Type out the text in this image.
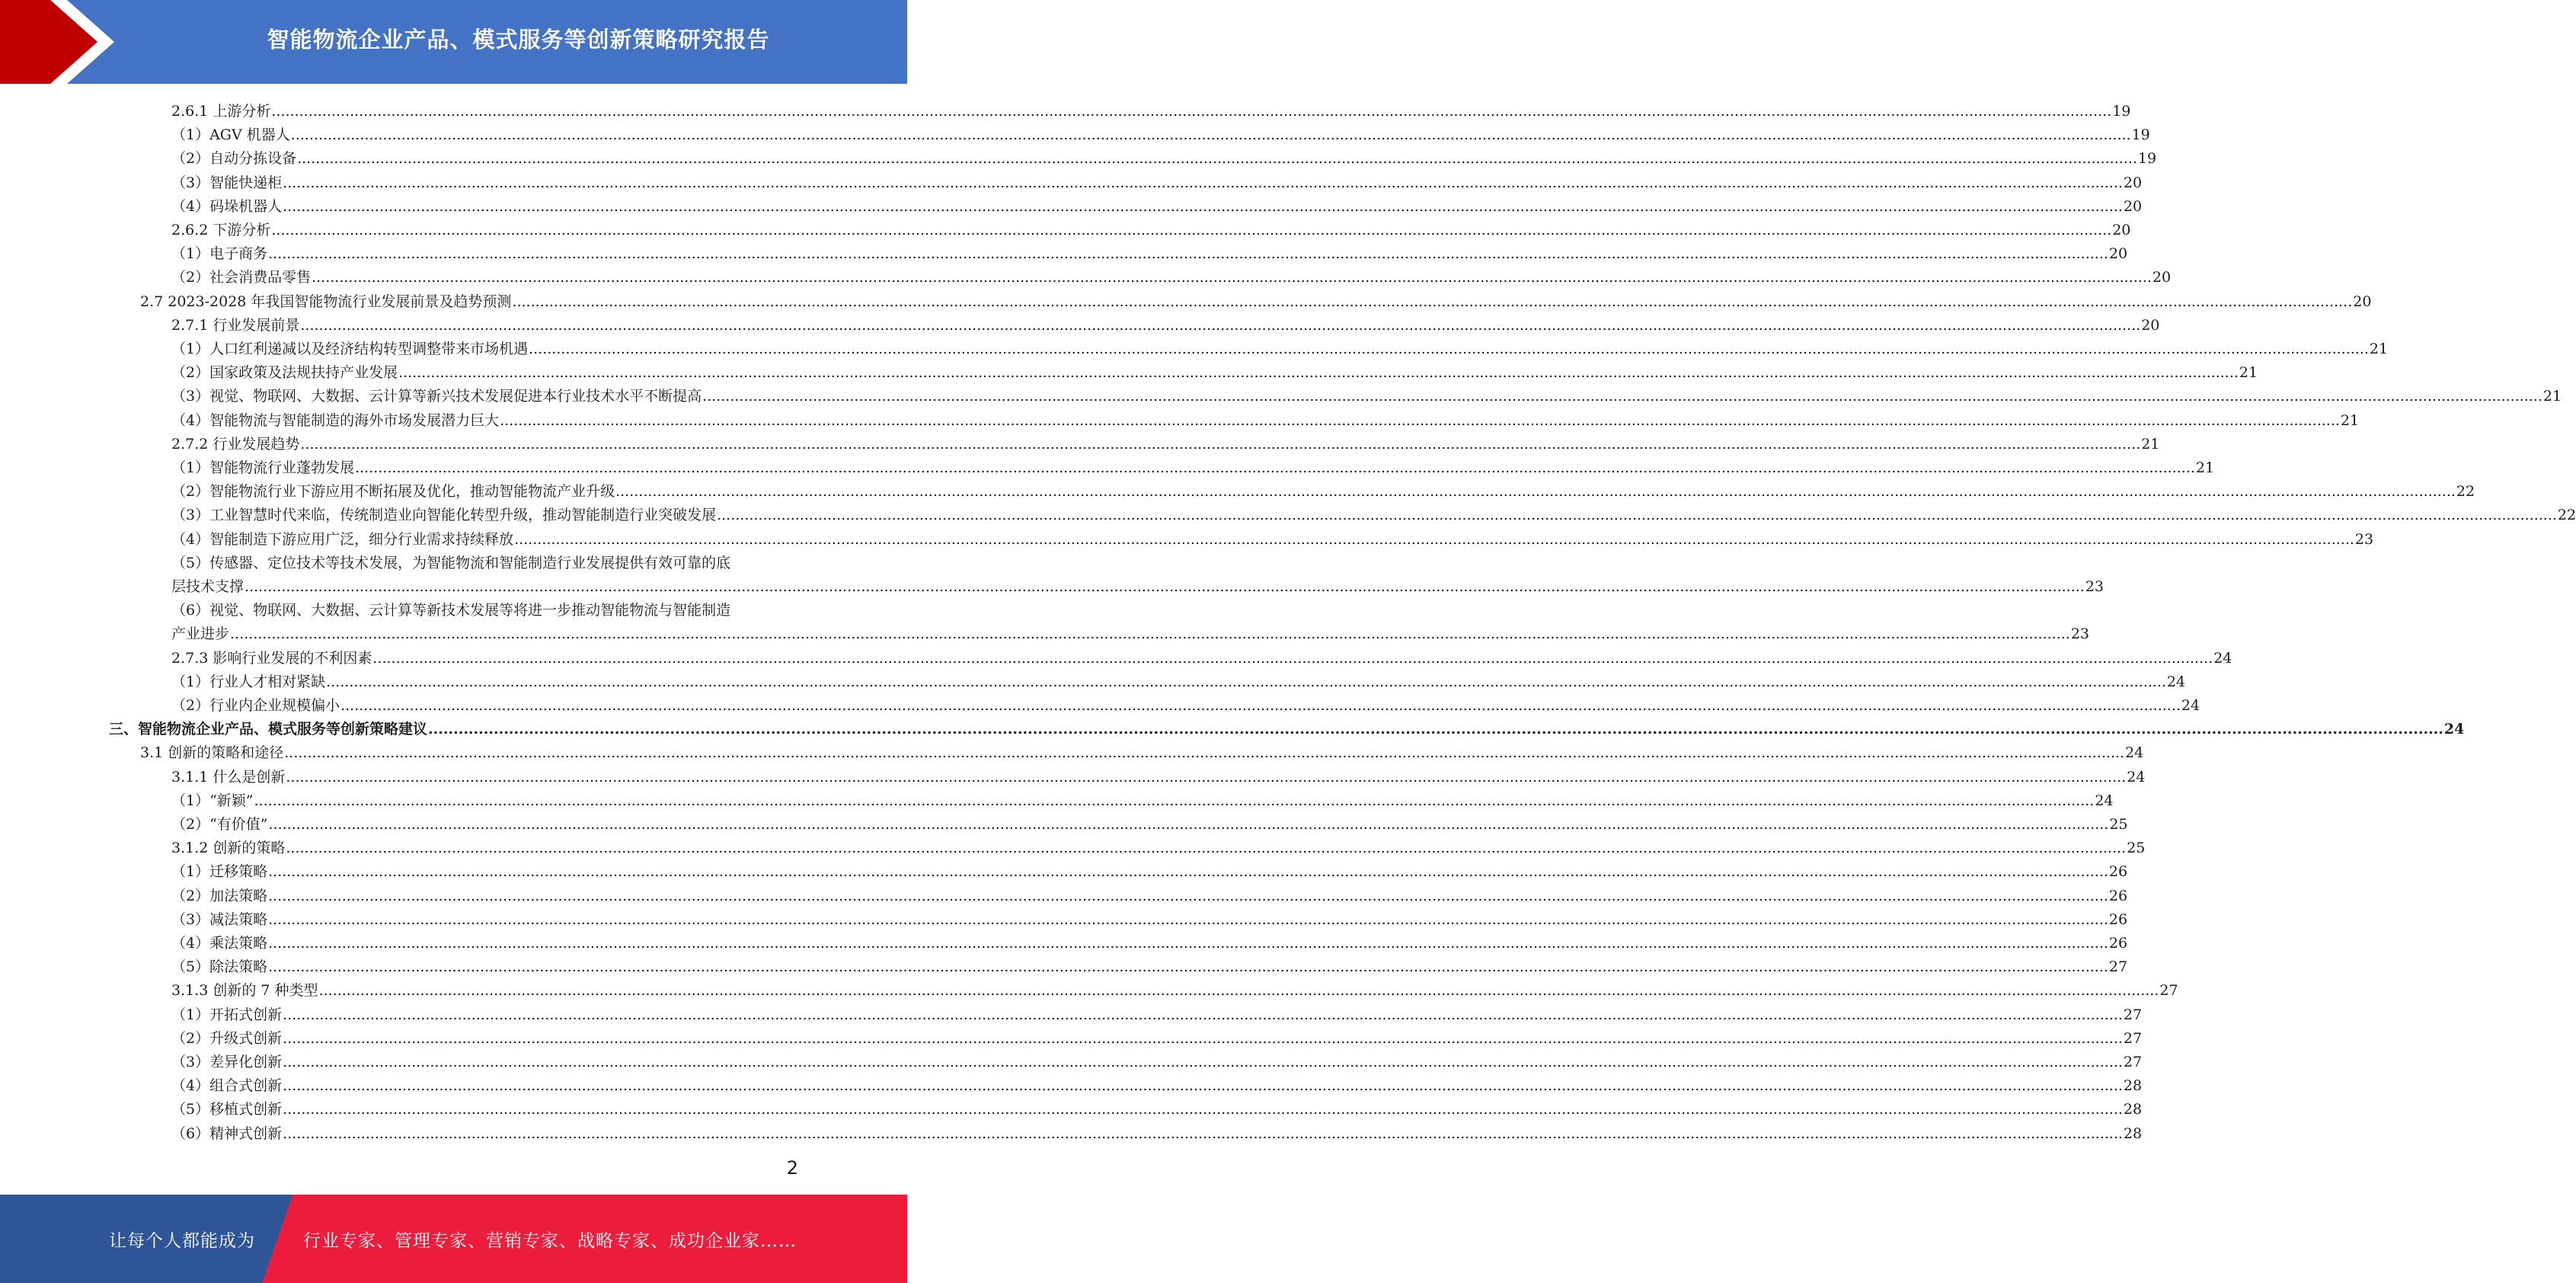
智能物流企业产品、模式服务等创新策略研究报告
2.6.1 上游分析 ................................................................................................................................................................................................................................................................................................................................................................................................................ 19
（1）AGV 机器人 ................................................................................................................................................................................................................................................................................................................................................................................................................ 19
（2）自动分拣设备 ................................................................................................................................................................................................................................................................................................................................................................................................................ 19
（3）智能快递柜 ................................................................................................................................................................................................................................................................................................................................................................................................................ 20
（4）码垛机器人 ................................................................................................................................................................................................................................................................................................................................................................................................................ 20
2.6.2 下游分析 ................................................................................................................................................................................................................................................................................................................................................................................................................ 20
（1）电子商务 ................................................................................................................................................................................................................................................................................................................................................................................................................ 20
（2）社会消费品零售 ................................................................................................................................................................................................................................................................................................................................................................................................................ 20
2.7 2023-2028 年我国智能物流行业发展前景及趋势预测 ................................................................................................................................................................................................................................................................................................................................................................................................................ 20
2.7.1 行业发展前景 ................................................................................................................................................................................................................................................................................................................................................................................................................ 20
（1）人口红利递减以及经济结构转型调整带来市场机遇 ................................................................................................................................................................................................................................................................................................................................................................................................................ 21
（2）国家政策及法规扶持产业发展 ................................................................................................................................................................................................................................................................................................................................................................................................................ 21
（3）视觉、物联网、大数据、云计算等新兴技术发展促进本行业技术水平不断提高 ................................................................................................................................................................................................................................................................................................................................................................................................................ 21
（4）智能物流与智能制造的海外市场发展潜力巨大 ................................................................................................................................................................................................................................................................................................................................................................................................................ 21
2.7.2 行业发展趋势 ................................................................................................................................................................................................................................................................................................................................................................................................................ 21
（1）智能物流行业蓬勃发展 ................................................................................................................................................................................................................................................................................................................................................................................................................ 21
（2）智能物流行业下游应用不断拓展及优化，推动智能物流产业升级 ................................................................................................................................................................................................................................................................................................................................................................................................................ 22
（3）工业智慧时代来临，传统制造业向智能化转型升级，推动智能制造行业突破发展 ................................................................................................................................................................................................................................................................................................................................................................................................................ 22
（4）智能制造下游应用广泛，细分行业需求持续释放 ................................................................................................................................................................................................................................................................................................................................................................................................................ 23
（5）传感器、定位技术等技术发展，为智能物流和智能制造行业发展提供有效可靠的底
层技术支撑 ................................................................................................................................................................................................................................................................................................................................................................................................................ 23
（6）视觉、物联网、大数据、云计算等新技术发展等将进一步推动智能物流与智能制造
产业进步 ................................................................................................................................................................................................................................................................................................................................................................................................................ 23
2.7.3 影响行业发展的不利因素 ................................................................................................................................................................................................................................................................................................................................................................................................................ 24
（1）行业人才相对紧缺 ................................................................................................................................................................................................................................................................................................................................................................................................................ 24
（2）行业内企业规模偏小 ................................................................................................................................................................................................................................................................................................................................................................................................................ 24
三、智能物流企业产品、模式服务等创新策略建议 ................................................................................................................................................................................................................................................................................................................................................................................................................ 24
3.1 创新的策略和途径 ................................................................................................................................................................................................................................................................................................................................................................................................................ 24
3.1.1 什么是创新 ................................................................................................................................................................................................................................................................................................................................................................................................................ 24
（1）“新颖” ................................................................................................................................................................................................................................................................................................................................................................................................................ 24
（2）“有价值” ................................................................................................................................................................................................................................................................................................................................................................................................................ 25
3.1.2 创新的策略 ................................................................................................................................................................................................................................................................................................................................................................................................................ 25
（1）迁移策略 ................................................................................................................................................................................................................................................................................................................................................................................................................ 26
（2）加法策略 ................................................................................................................................................................................................................................................................................................................................................................................................................ 26
（3）减法策略 ................................................................................................................................................................................................................................................................................................................................................................................................................ 26
（4）乘法策略 ................................................................................................................................................................................................................................................................................................................................................................................................................ 26
（5）除法策略 ................................................................................................................................................................................................................................................................................................................................................................................................................ 27
3.1.3 创新的 7 种类型 ................................................................................................................................................................................................................................................................................................................................................................................................................ 27
（1）开拓式创新 ................................................................................................................................................................................................................................................................................................................................................................................................................ 27
（2）升级式创新 ................................................................................................................................................................................................................................................................................................................................................................................................................ 27
（3）差异化创新 ................................................................................................................................................................................................................................................................................................................................................................................................................ 27
（4）组合式创新 ................................................................................................................................................................................................................................................................................................................................................................................................................ 28
（5）移植式创新 ................................................................................................................................................................................................................................................................................................................................................................................................................ 28
（6）精神式创新 ................................................................................................................................................................................................................................................................................................................................................................................................................ 28
2
让每个人都能成为	行业专家、管理专家、营销专家、战略专家、成功企业家……
